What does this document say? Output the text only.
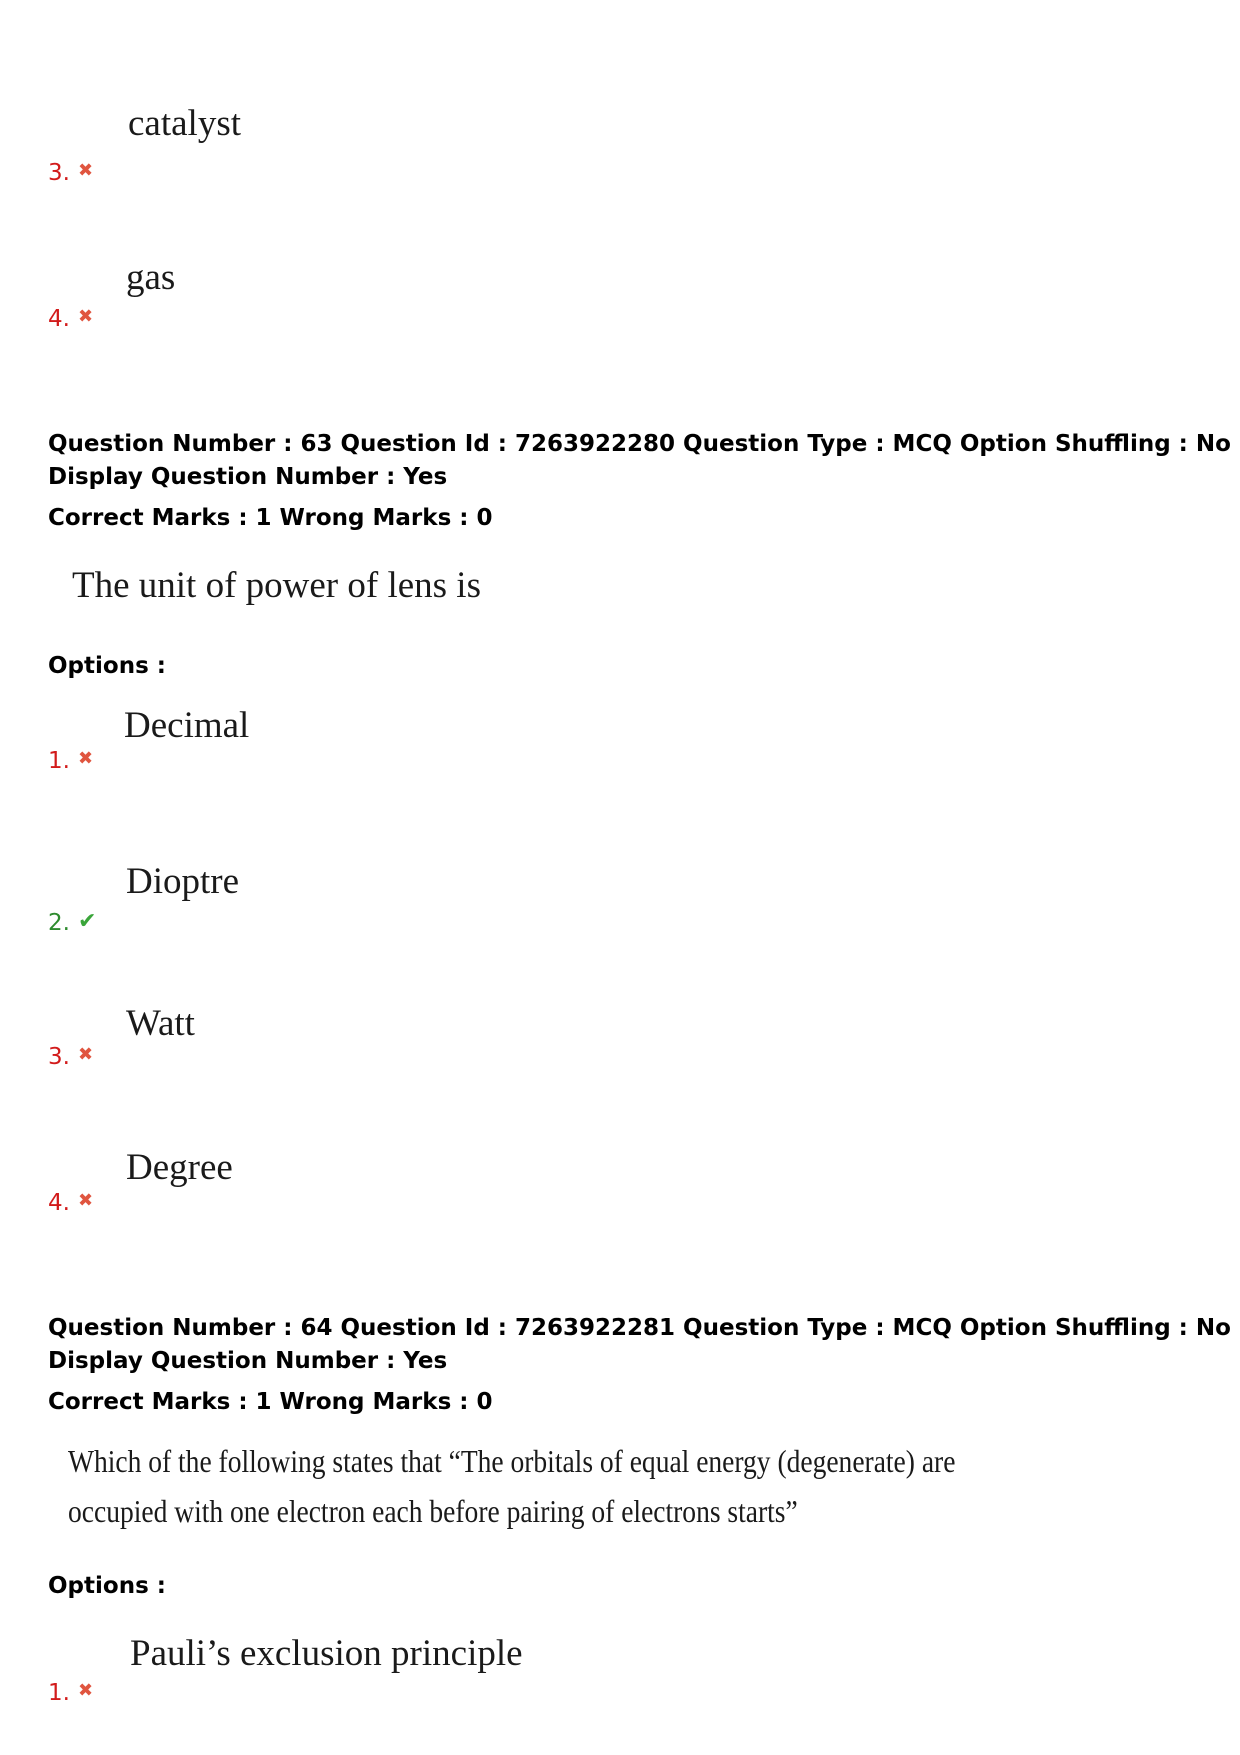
catalyst
3. ✖
gas
4. ✖
Question Number : 63 Question Id : 7263922280 Question Type : MCQ Option Shuffling : No
Display Question Number : Yes
Correct Marks : 1 Wrong Marks : 0
The unit of power of lens is
Options :
Decimal
1. ✖
Dioptre
2. ✔
Watt
3. ✖
Degree
4. ✖
Question Number : 64 Question Id : 7263922281 Question Type : MCQ Option Shuffling : No
Display Question Number : Yes
Correct Marks : 1 Wrong Marks : 0
Which of the following states that “The orbitals of equal energy (degenerate) are
occupied with one electron each before pairing of electrons starts”
Options :
Pauli’s exclusion principle
1. ✖
